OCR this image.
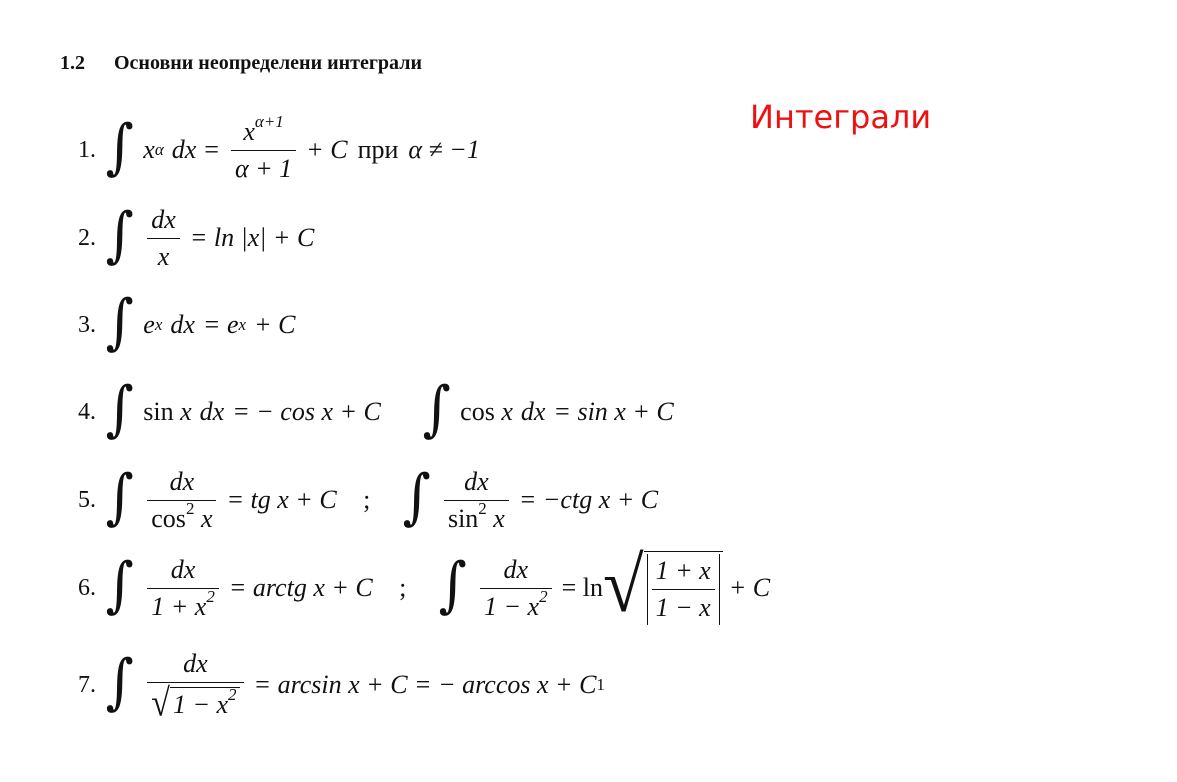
1.2 Основни неопределени интеграли
Интеграли
1. ∫ x α dx = $\frac{x^{\alpha+1}}{\alpha + 1} + C$ при α ≠ −1
2. ∫ $\frac{dx}{x} = \ln |x| + C$
3. ∫ e x dx = e x + C
4. ∫ sin
x dx = − cos x + C ∫ cos
x dx = sin x + C
5. ∫ $\frac{dx}{\cos^2 x}$ = tg x + C	; ∫ $\frac{dx}{\sin^2 x} = -ctg$ x + C
6. ∫ $\frac{dx}{1 + x^2}$ = arctg x + C	; ∫ $\frac{dx}{1 - x^2} = \ln$ √ $\frac{1 + x}{1 - x} + C$
7. ∫ $\frac{dx}{√ 1 - x^2} = \arcsin x + C$ = − arccos x + C 1
